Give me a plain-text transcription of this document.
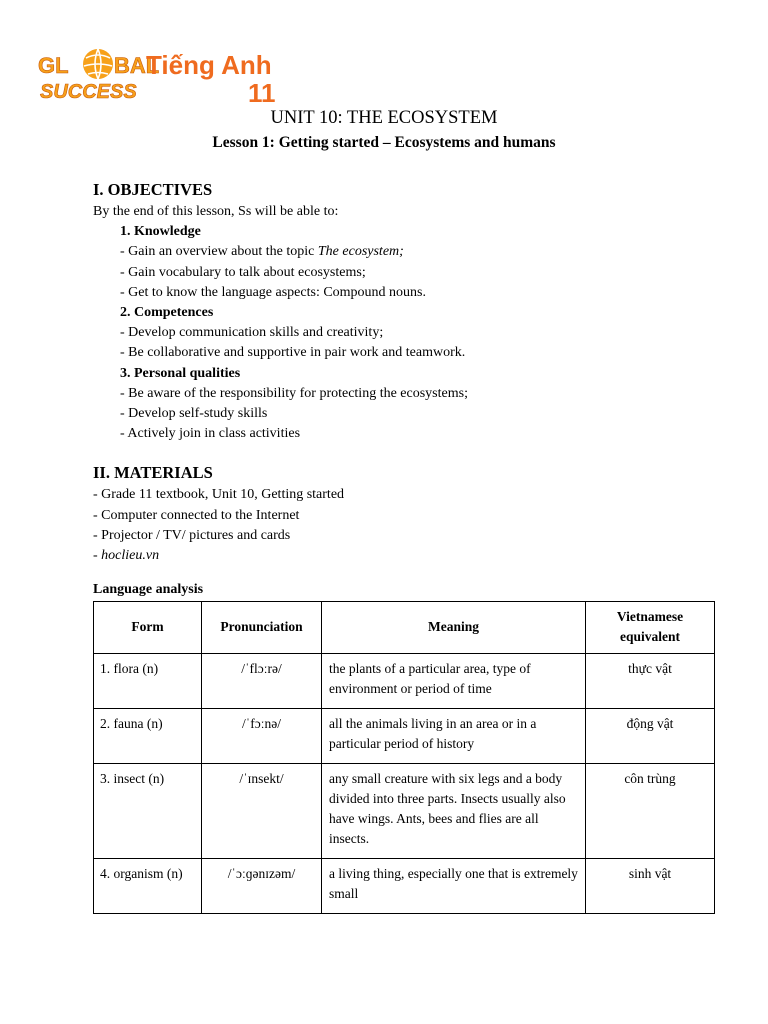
GL BAL
SUCCESS
Tiếng Anh
11
UNIT 10: THE ECOSYSTEM
Lesson 1: Getting started – Ecosystems and humans
I. OBJECTIVES
By the end of this lesson, Ss will be able to:
1. Knowledge
- Gain an overview about the topic The ecosystem;
- Gain vocabulary to talk about ecosystems;
- Get to know the language aspects: Compound nouns.
2. Competences
- Develop communication skills and creativity;
- Be collaborative and supportive in pair work and teamwork.
3. Personal qualities
- Be aware of the responsibility for protecting the ecosystems;
- Develop self-study skills
- Actively join in class activities
II. MATERIALS
- Grade 11 textbook, Unit 10, Getting started
- Computer connected to the Internet
- Projector / TV/ pictures and cards
- hoclieu.vn
Language analysis
Form	Pronunciation	Meaning	Vietnamese equivalent
1. flora (n)	/ˈflɔːrə/	the plants of a particular area, type of environment or period of time	thực vật
2. fauna (n)	/ˈfɔːnə/	all the animals living in an area or in a particular period of history	động vật
3. insect (n)	/ˈɪnsekt/	any small creature with six legs and a body divided into three parts. Insects usually also have wings. Ants, bees and flies are all insects.	côn trùng
4. organism (n)	/ˈɔːɡənɪzəm/	a living thing, especially one that is extremely small	sinh vật
